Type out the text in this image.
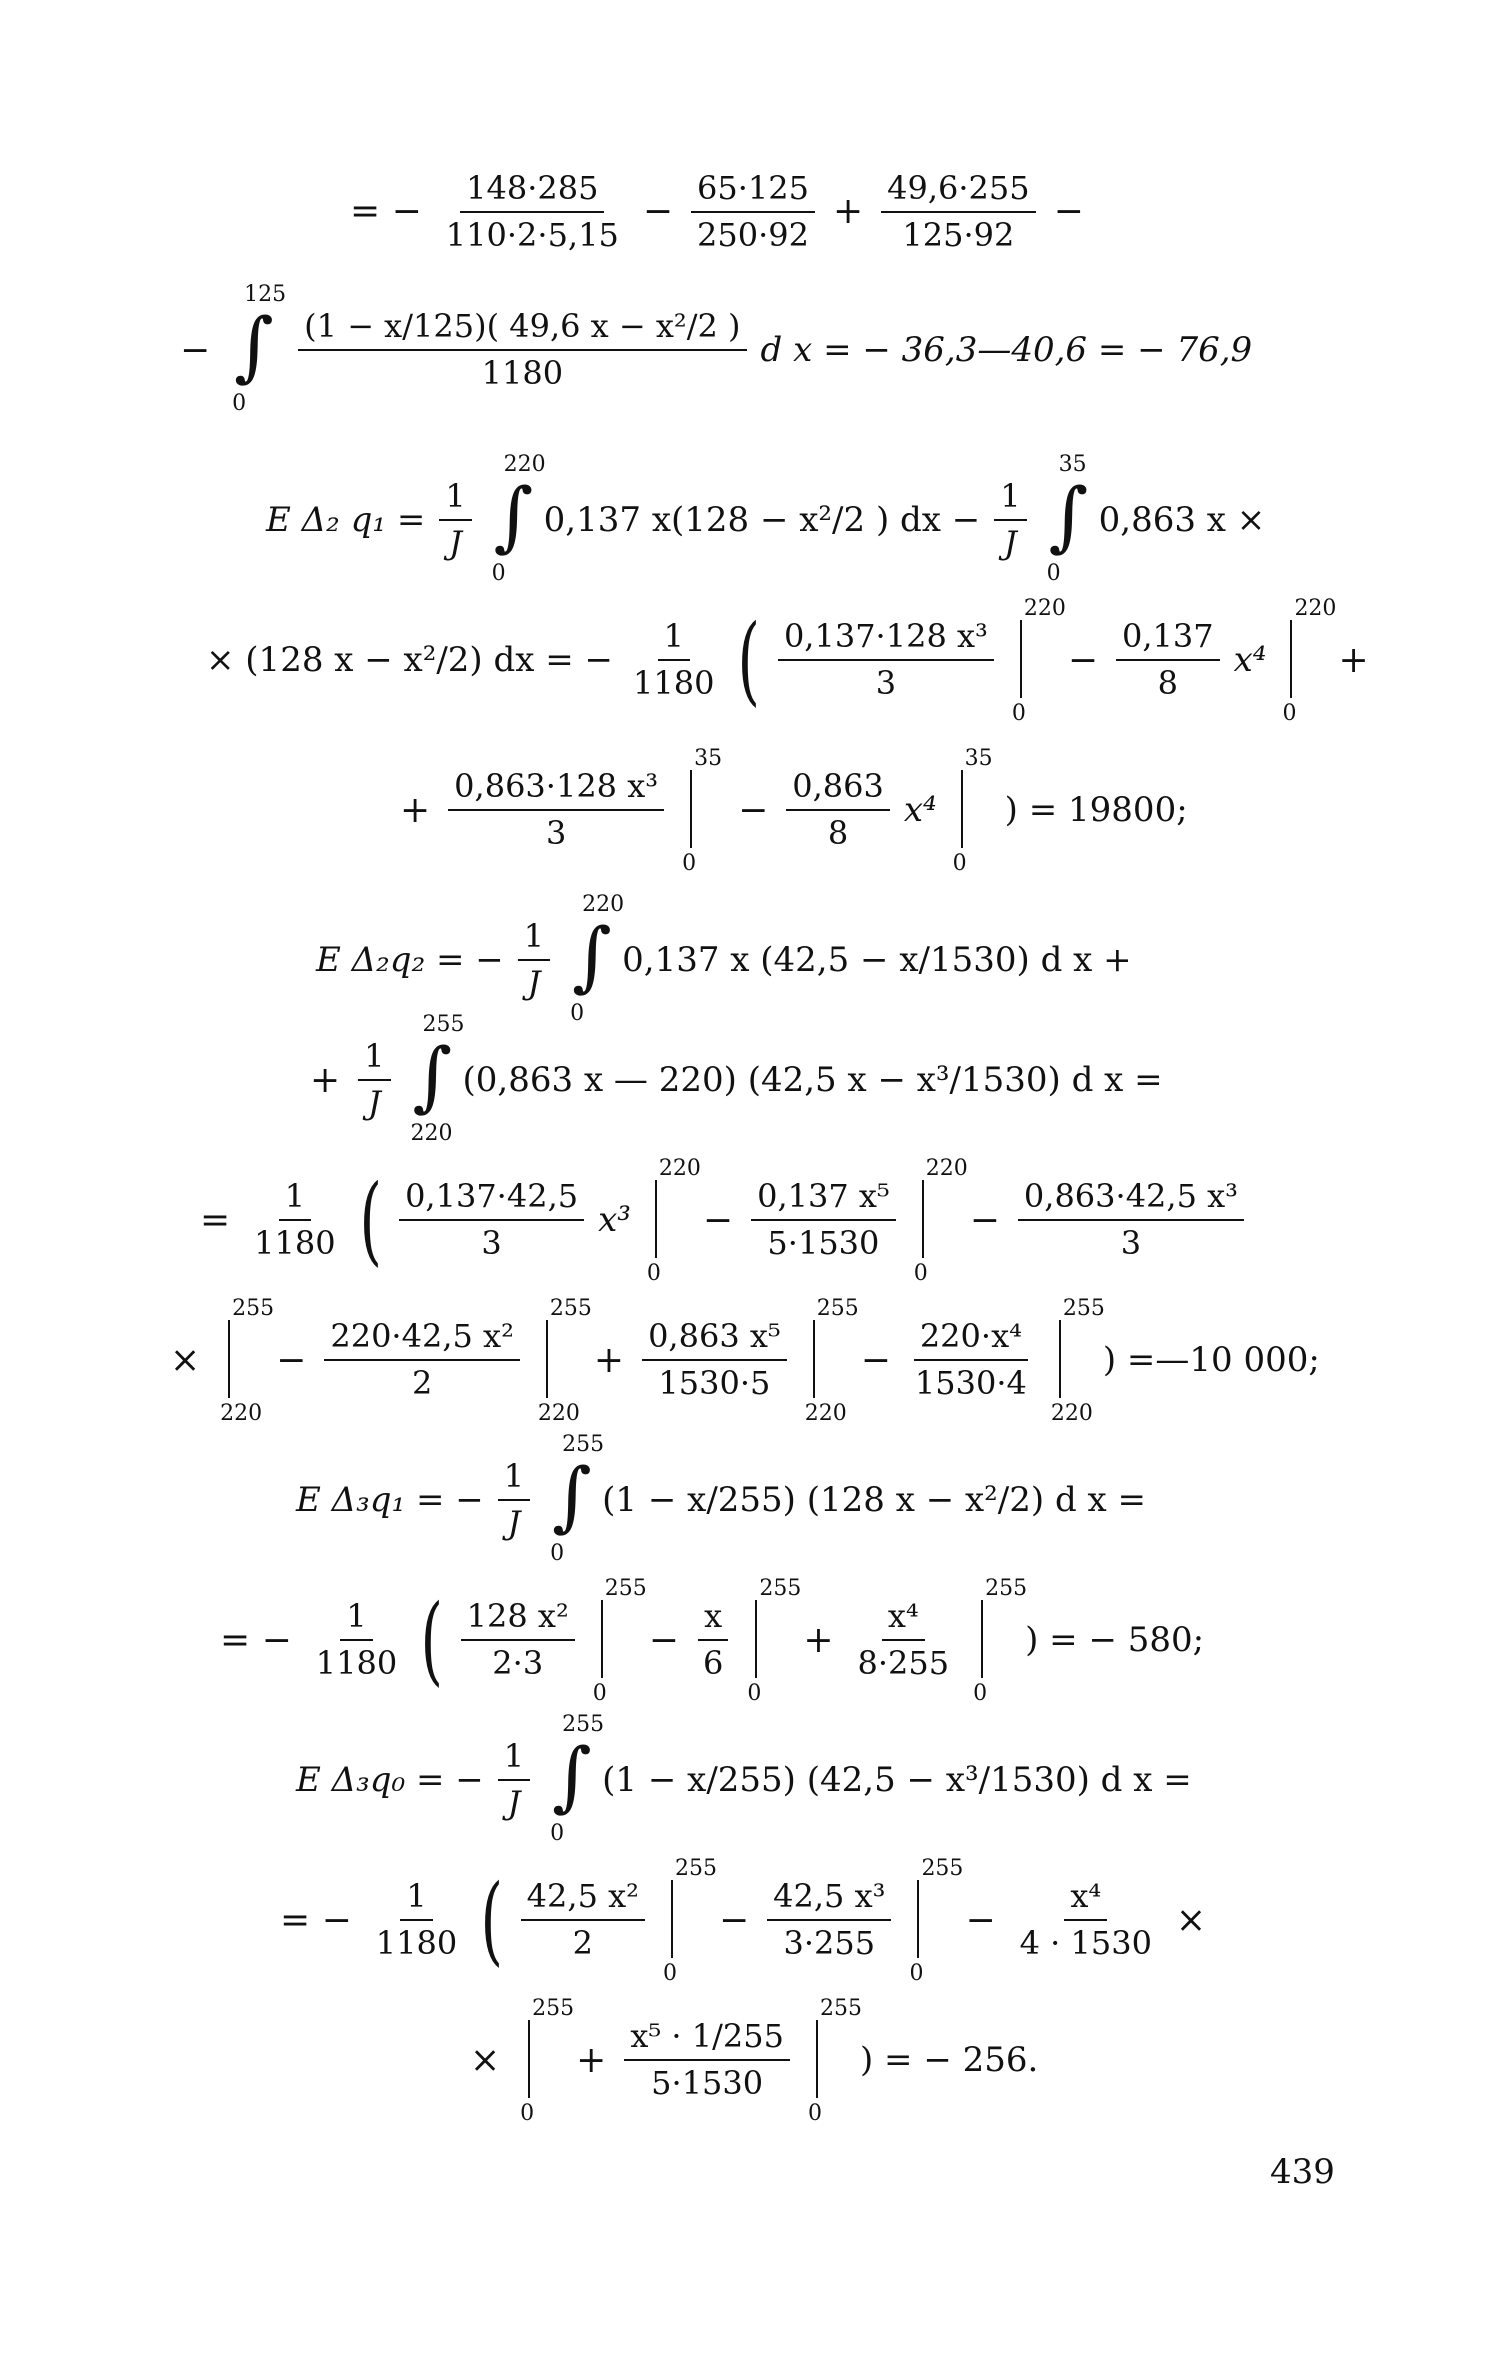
= − $\frac{148\cdot 285}{110\cdot 2\cdot 5,15} - \frac{65\cdot 125}{250\cdot 92} + \frac{49,6\cdot 255}{125\cdot 92}$ −
−
125
∫
0
$\frac{\text{(1 − x/125)( 49,6 x − x²/2 )}}{1180}$ d x = − 36,3—40,6 = − 76,9
E Δ₂ $q_1 = \frac{1}{J}$
220
∫
0
0,137 x(128 − x²/2 ) dx − $\frac{1}{J}$
35
∫
0
0,863 x ×
× (128 x − x²/2) dx = − $\frac{1}{1180}$ ( $\frac{\text{0,137·128 x³}}{3}$
220
0
− $\frac{0,137}{8} x^4$
220
0
+
+ $\frac{\text{0,863·128 x³}}{3}$
35
0
− $\frac{0,863}{8} x^4$
35
0
) = 19800;
E Δ₂q₂ = − $\frac{1}{J}$
220
∫
0
0,137 x (42,5 − x/1530) d x +
+ $\frac{1}{J}$
255
∫
220
(0,863 x — 220) (42,5 x − x³/1530) d x =
= $\frac{1}{1180}$ ( $\frac{0,137\cdot 42,5}{3} x^3$
220
0
− $\frac{\text{0,137 x⁵}}{5\cdot 1530}$
220
0
− $\frac{\text{0,863·42,5 x³}}{3}$
×
255
220
− $\frac{\text{220·42,5 x²}}{2}$
255
220
+ $\frac{\text{0,863 x⁵}}{1530\cdot 5}$
255
220
− $\frac{\text{220·x⁴}}{1530\cdot 4}$
255
220
) =—10 000;
E Δ₃q₁ = − $\frac{1}{J}$
255
∫
0
(1 − x/255) (128 x − x²/2) d x =
= − $\frac{1}{1180}$ ( $\frac{\text{128 x²}}{2\cdot 3}$
255
0
− $\frac{x}{6}$
255
0
+ $\frac{\text{x⁴}}{8\cdot 255}$
255
0
) = − 580;
E Δ₃q₀ = − $\frac{1}{J}$
255
∫
0
(1 − x/255) (42,5 − x³/1530) d x =
= − $\frac{1}{1180}$ ( $\frac{\text{42,5 x²}}{2}$
255
0
− $\frac{\text{42,5 x³}}{3\cdot 255}$
255
0
− $\frac{\text{x⁴}}{4 \cdot 1530}$ ×
×
255
0
+ $\frac{\text{x⁵ · 1/255}}{5\cdot 1530}$
255
0
) = − 256.
439
